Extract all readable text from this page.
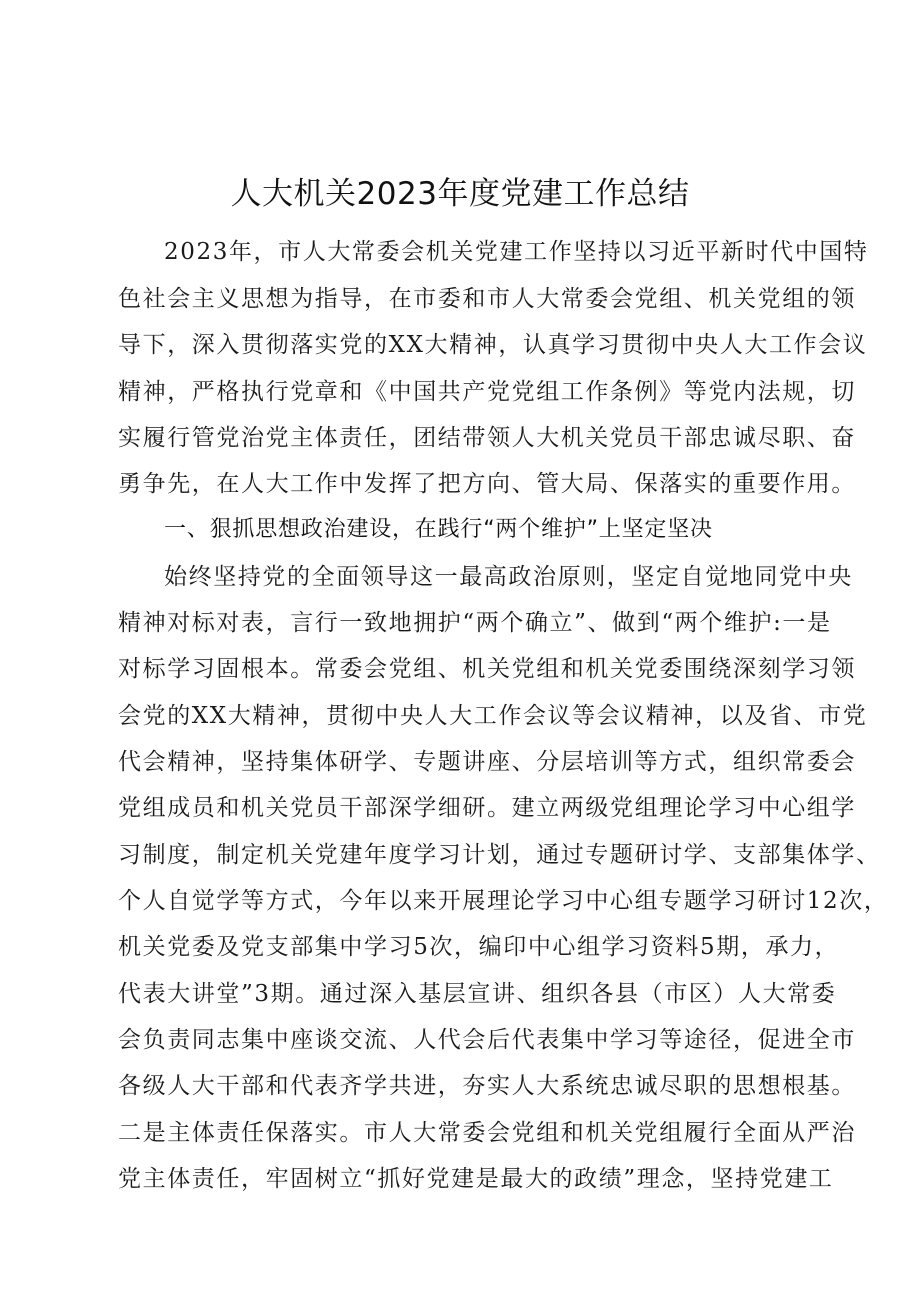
人大机关2023年度党建工作总结
2023年，市人大常委会机关党建工作坚持以习近平新时代中国特
色社会主义思想为指导，在市委和市人大常委会党组、机关党组的领
导下，深入贯彻落实党的XX大精神，认真学习贯彻中央人大工作会议
精神，严格执行党章和《中国共产党党组工作条例》等党内法规，切
实履行管党治党主体责任，团结带领人大机关党员干部忠诚尽职、奋
勇争先，在人大工作中发挥了把方向、管大局、保落实的重要作用。
一、狠抓思想政治建设，在践行“两个维护”上坚定坚决
始终坚持党的全面领导这一最高政治原则，坚定自觉地同党中央
精神对标对表，言行一致地拥护“两个确立”、做到“两个维护:一是
对标学习固根本。常委会党组、机关党组和机关党委围绕深刻学习领
会党的XX大精神，贯彻中央人大工作会议等会议精神，以及省、市党
代会精神，坚持集体研学、专题讲座、分层培训等方式，组织常委会
党组成员和机关党员干部深学细研。建立两级党组理论学习中心组学
习制度，制定机关党建年度学习计划，通过专题研讨学、支部集体学、
个人自觉学等方式，今年以来开展理论学习中心组专题学习研讨12次，
机关党委及党支部集中学习5次，编印中心组学习资料5期，承力，
代表大讲堂”3期。通过深入基层宣讲、组织各县（市区）人大常委
会负责同志集中座谈交流、人代会后代表集中学习等途径，促进全市
各级人大干部和代表齐学共进，夯实人大系统忠诚尽职的思想根基。
二是主体责任保落实。市人大常委会党组和机关党组履行全面从严治
党主体责任，牢固树立“抓好党建是最大的政绩”理念，坚持党建工
